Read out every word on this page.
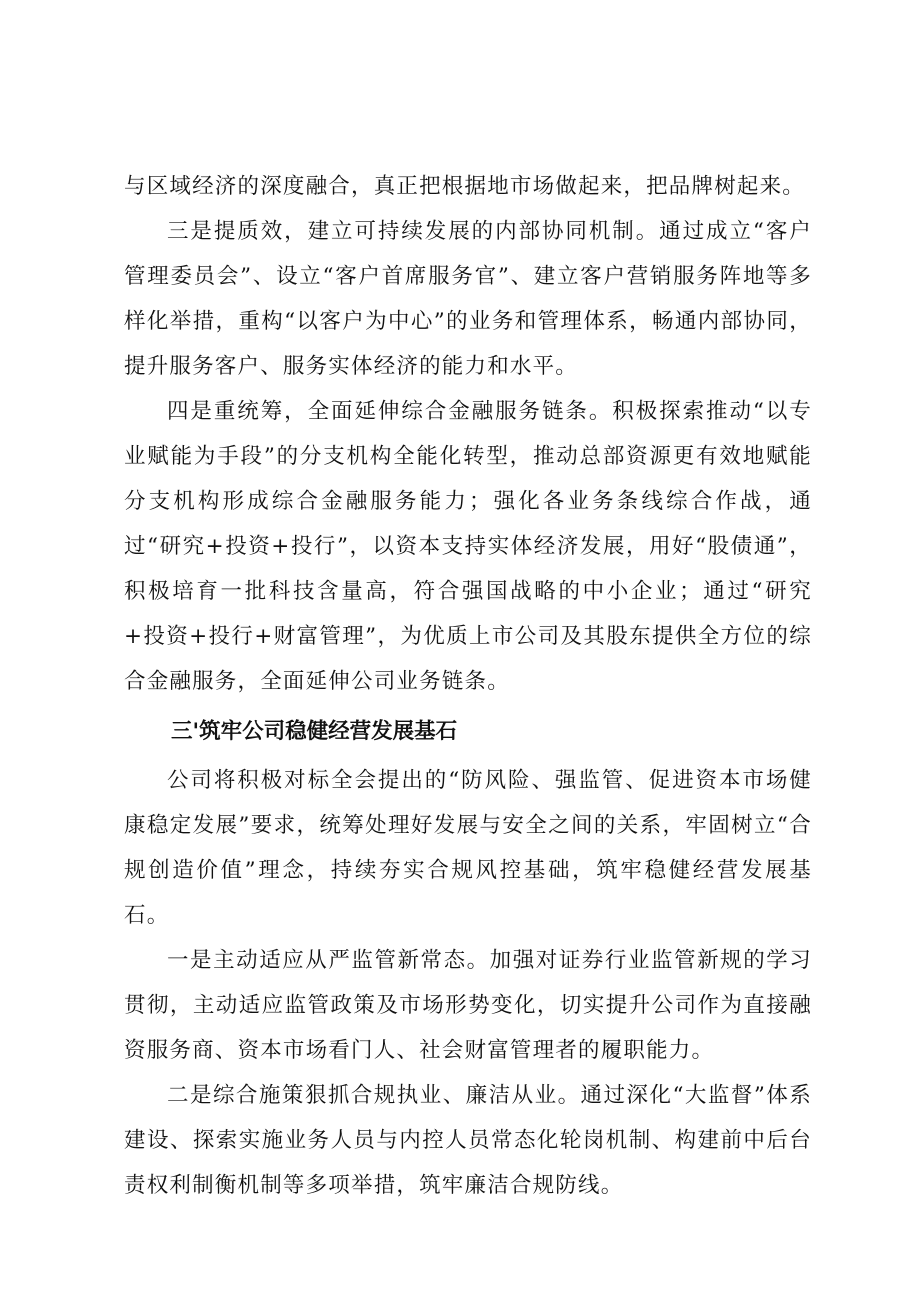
与区域经济的深度融合，真正把根据地市场做起来，把品牌树起来。

三是提质效，建立可持续发展的内部协同机制。通过成立“客户管理委员会”、设立“客户首席服务官”、建立客户营销服务阵地等多样化举措，重构“以客户为中心”的业务和管理体系，畅通内部协同，提升服务客户、服务实体经济的能力和水平。

四是重统筹，全面延伸综合金融服务链条。积极探索推动“以专业赋能为手段”的分支机构全能化转型，推动总部资源更有效地赋能分支机构形成综合金融服务能力；强化各业务条线综合作战，通过“研究+投资+投行”，以资本支持实体经济发展，用好“股债通”，积极培育一批科技含量高，符合强国战略的中小企业；通过“研究+投资+投行+财富管理”，为优质上市公司及其股东提供全方位的综合金融服务，全面延伸公司业务链条。

三'筑牢公司稳健经营发展基石

公司将积极对标全会提出的“防风险、强监管、促进资本市场健康稳定发展”要求，统筹处理好发展与安全之间的关系，牢固树立“合规创造价值”理念，持续夯实合规风控基础，筑牢稳健经营发展基石。

一是主动适应从严监管新常态。加强对证券行业监管新规的学习贯彻，主动适应监管政策及市场形势变化，切实提升公司作为直接融资服务商、资本市场看门人、社会财富管理者的履职能力。

二是综合施策狠抓合规执业、廉洁从业。通过深化“大监督”体系建设、探索实施业务人员与内控人员常态化轮岗机制、构建前中后台责权利制衡机制等多项举措，筑牢廉洁合规防线。
